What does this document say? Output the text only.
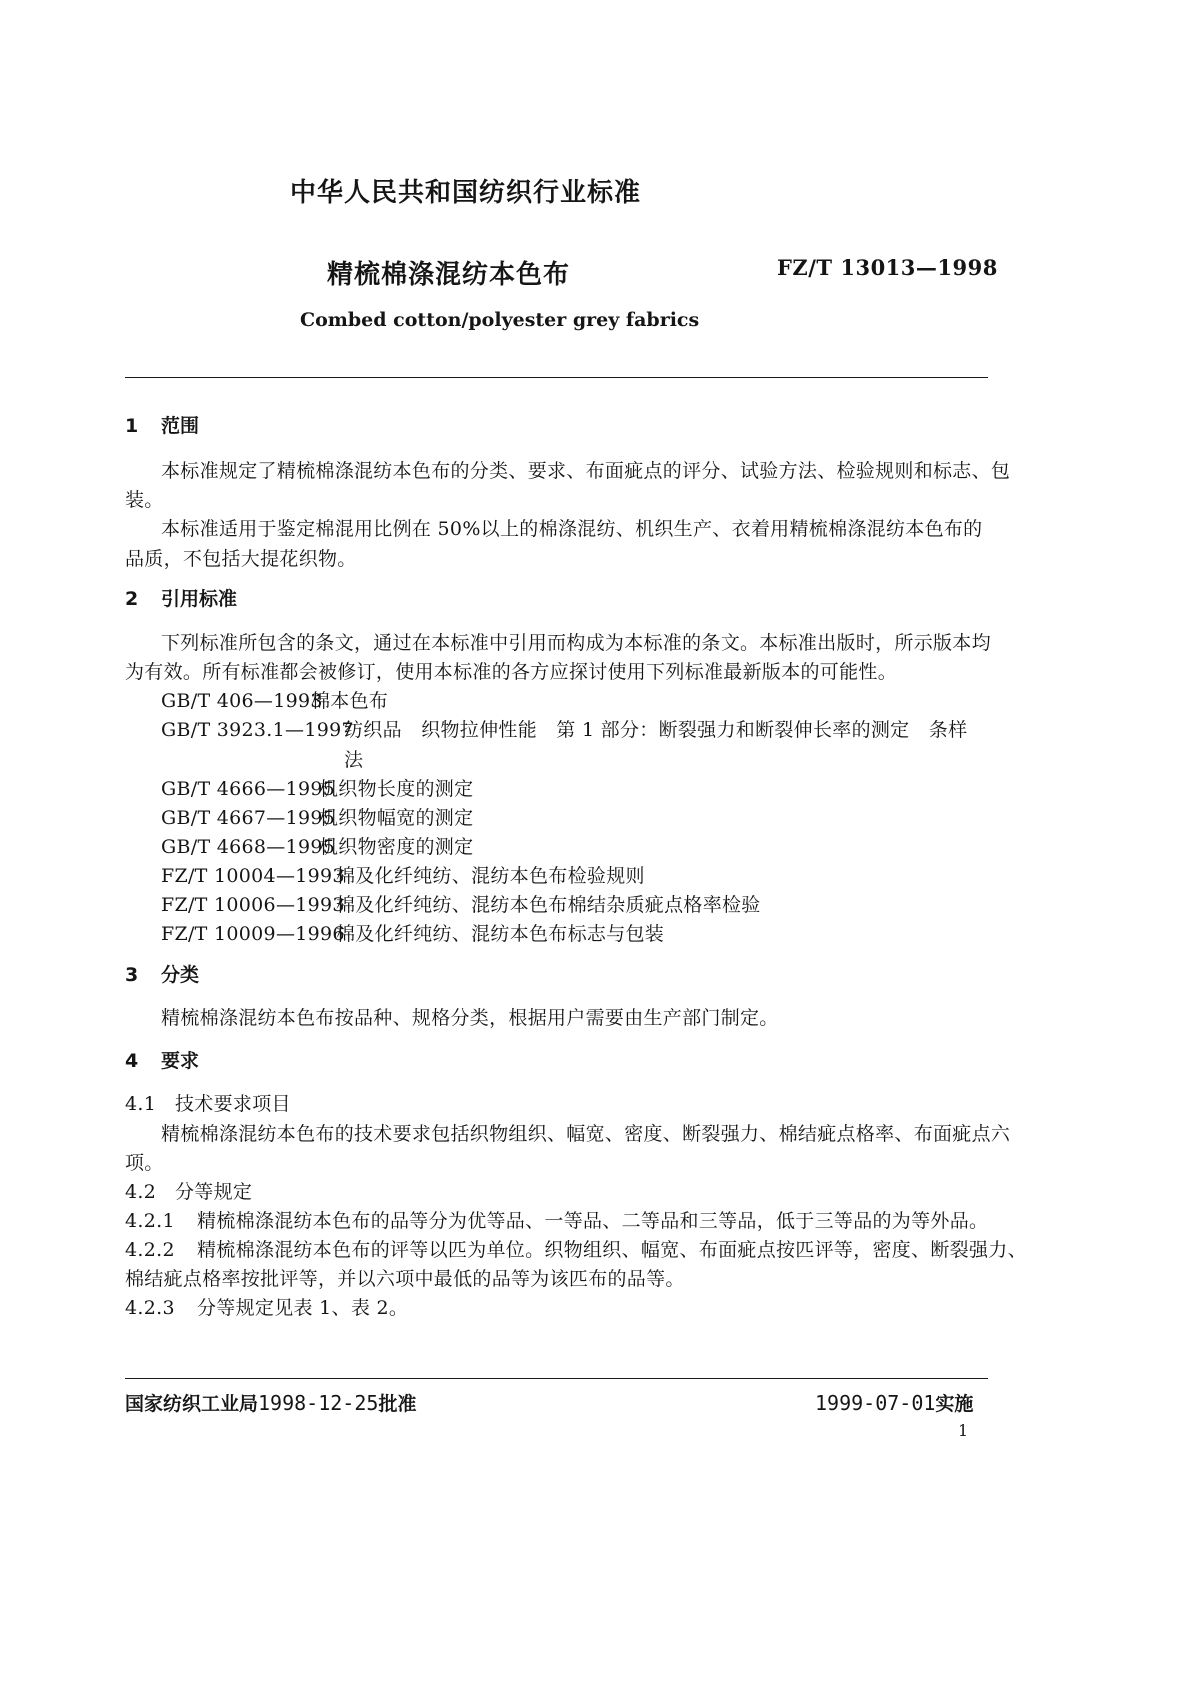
中华人民共和国纺织行业标准
精梳棉涤混纺本色布	FZ/T 13013—1998
Combed cotton/polyester grey fabrics
1 范围
本标准规定了精梳棉涤混纺本色布的分类、要求、布面疵点的评分、试验方法、检验规则和标志、包
装。
本标准适用于鉴定棉混用比例在 50%以上的棉涤混纺、机织生产、衣着用精梳棉涤混纺本色布的
品质，不包括大提花织物。
2 引用标准
下列标准所包含的条文，通过在本标准中引用而构成为本标准的条文。本标准出版时，所示版本均
为有效。所有标准都会被修订，使用本标准的各方应探讨使用下列标准最新版本的可能性。
GB/T 406—1993棉本色布
GB/T 3923.1—1997纺织品　织物拉伸性能　第 1 部分：断裂强力和断裂伸长率的测定　条样
法
GB/T 4666—1995机织物长度的测定
GB/T 4667—1995机织物幅宽的测定
GB/T 4668—1995机织物密度的测定
FZ/T 10004—1993棉及化纤纯纺、混纺本色布检验规则
FZ/T 10006—1993棉及化纤纯纺、混纺本色布棉结杂质疵点格率检验
FZ/T 10009—1996棉及化纤纯纺、混纺本色布标志与包装
3 分类
精梳棉涤混纺本色布按品种、规格分类，根据用户需要由生产部门制定。
4 要求
4.1 技术要求项目
精梳棉涤混纺本色布的技术要求包括织物组织、幅宽、密度、断裂强力、棉结疵点格率、布面疵点六
项。
4.2 分等规定
4.2.1 精梳棉涤混纺本色布的品等分为优等品、一等品、二等品和三等品，低于三等品的为等外品。
4.2.2 精梳棉涤混纺本色布的评等以匹为单位。织物组织、幅宽、布面疵点按匹评等，密度、断裂强力、
棉结疵点格率按批评等，并以六项中最低的品等为该匹布的品等。
4.2.3 分等规定见表 1、表 2。
国家纺织工业局1998-12-25批准	1999-07-01实施
1
